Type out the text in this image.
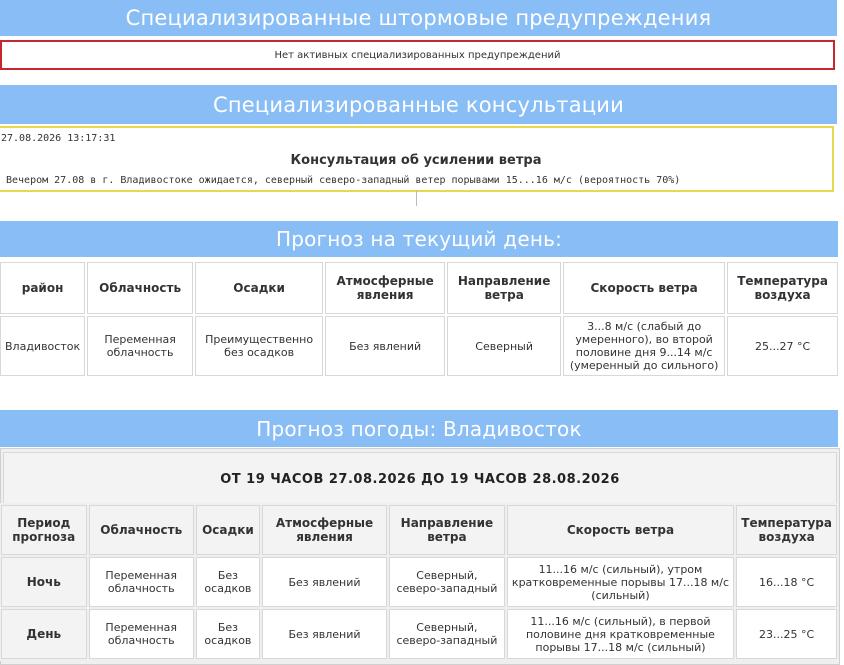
Специализированные штормовые предупреждения
Нет активных специализированных предупреждений
Специализированные консультации
27.08.2026 13:17:31
Консультация об усилении ветра
Вечером 27.08 в г. Владивостоке ожидается, северный северо-западный ветер порывами 15...16 м/с (вероятность 70%)
Прогноз на текущий день:
район	Облачность	Осадки	Атмосферные явления	Направление ветра	Скорость ветра	Температура воздуха
Владивосток	Переменная облачность	Преимущественно без осадков	Без явлений	Северный	3...8 м/с (слабый до умеренного), во второй половине дня 9...14 м/с (умеренный до сильного)	25...27 °С
Прогноз погоды: Владивосток
ОТ 19 ЧАСОВ 27.08.2026 ДО 19 ЧАСОВ 28.08.2026
Период прогноза	Облачность	Осадки	Атмосферные явления	Направление ветра	Скорость ветра	Температура воздуха
Ночь	Переменная облачность	Без осадков	Без явлений	Северный, северо-западный	11...16 м/с (сильный), утром кратковременные порывы 17...18 м/с (сильный)	16...18 °С
День	Переменная облачность	Без осадков	Без явлений	Северный, северо-западный	11...16 м/с (сильный), в первой половине дня кратковременные порывы 17...18 м/с (сильный)	23...25 °С
